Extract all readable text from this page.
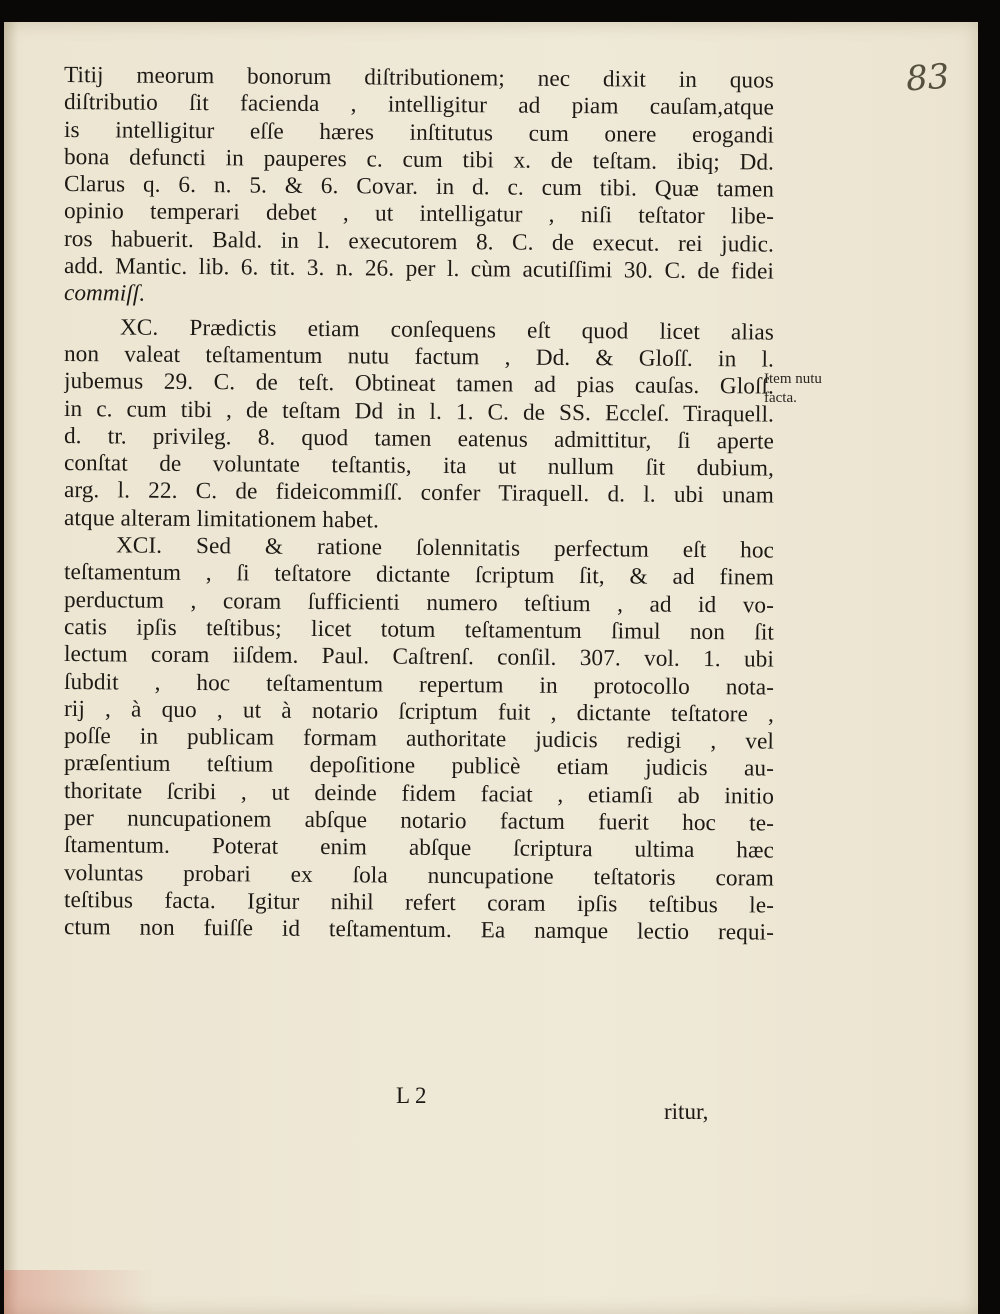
83
Titij meorum bonorum diſtributionem; nec dixit in quos
diſtributio ſit facienda , intelligitur ad piam cauſam,atque
is intelligitur eſſe hæres inſtitutus cum onere erogandi
bona defuncti in pauperes c. cum tibi x. de teſtam. ibiq; Dd.
Clarus q. 6. n. 5. & 6. Covar. in d. c. cum tibi. Quæ tamen
opinio temperari debet , ut intelligatur , niſi teſtator libe-
ros habuerit. Bald. in l. executorem 8. C. de execut. rei judic.
add. Mantic. lib. 6. tit. 3. n. 26. per l. cùm acutiſſimi 30. C. de fidei
commiſſ.
XC. Prædictis etiam conſequens eſt quod licet alias
non valeat teſtamentum nutu factum , Dd. & Gloſſ. in l.
jubemus 29. C. de teſt. Obtineat tamen ad pias cauſas. Gloſſ.
in c. cum tibi , de teſtam Dd in l. 1. C. de SS. Eccleſ. Tiraquell.
d. tr. privileg. 8. quod tamen eatenus admittitur, ſi aperte
conſtat de voluntate teſtantis, ita ut nullum ſit dubium,
arg. l. 22. C. de fideicommiſſ. confer Tiraquell. d. l. ubi unam
atque alteram limitationem habet.
XCI. Sed & ratione ſolennitatis perfectum eſt hoc
teſtamentum , ſi teſtatore dictante ſcriptum ſit, & ad finem
perductum , coram ſufficienti numero teſtium , ad id vo-
catis ipſis teſtibus; licet totum teſtamentum ſimul non ſit
lectum coram iiſdem. Paul. Caſtrenſ. conſil. 307. vol. 1. ubi
ſubdit , hoc teſtamentum repertum in protocollo nota-
rij , à quo , ut à notario ſcriptum fuit , dictante teſtatore ,
poſſe in publicam formam authoritate judicis redigi , vel
præſentium teſtium depoſitione publicè etiam judicis au-
thoritate ſcribi , ut deinde fidem faciat , etiamſi ab initio
per nuncupationem abſque notario factum fuerit hoc te-
ſtamentum. Poterat enim abſque ſcriptura ultima hæc
voluntas probari ex ſola nuncupatione teſtatoris coram
teſtibus facta. Igitur nihil refert coram ipſis teſtibus le-
ctum non fuiſſe id teſtamentum. Ea namque lectio requi-
Item nutu
facta.
L 2
ritur,
